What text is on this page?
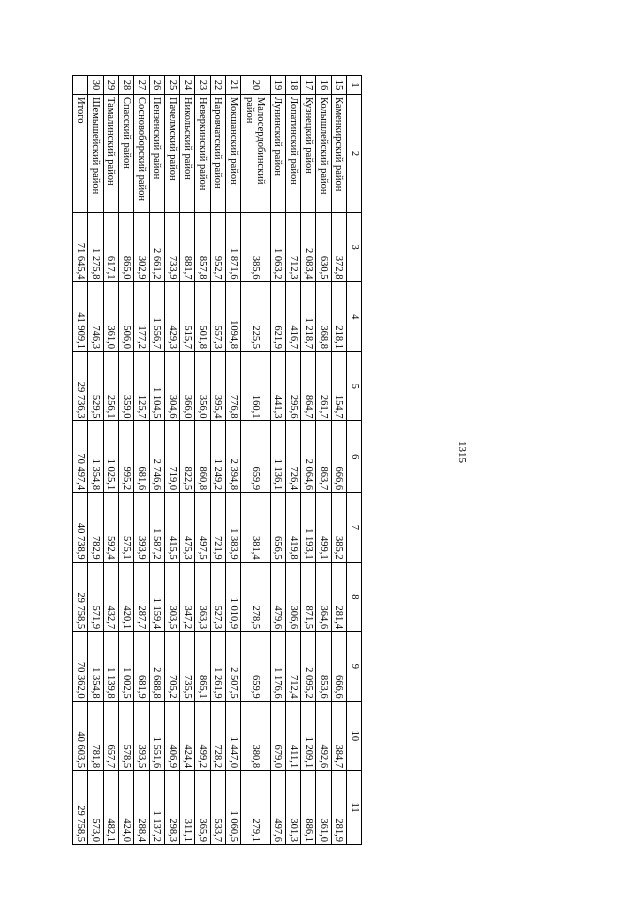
1315
1	2	3	4	5	6	7	8	9	10	11
15	Каменкирский район	372,8	218,1	154,7	666,6	385,2	281,4	666,6	384,7	281,9
16	Колышлейский район	630,5	368,8	261,7	863,7	499,1	364,6	853,6	492,6	361,0
17	Кузнецкий район	2 083,4	1 218,7	864,7	2 064,6	1 193,1	871,5	2 095,2	1 209,1	886,1
18	Лопатинский район	712,3	416,7	295,6	726,4	419,8	306,6	712,4	411,1	301,3
19	Лунинский район	1 063,2	621,9	441,3	1 136,1	656,5	479,6	1 176,6	679,0	497,6
20	Малосердобинский район	385,6	225,5	160,1	659,9	381,4	278,5	659,9	380,8	279,1
21	Мокшанский район	1 871,6	1094,8	776,8	2 394,8	1 383,9	1 010,9	2 507,5	1 447,0	1 060,5
22	Наровчатский район	952,7	557,3	395,4	1 249,2	721,9	527,3	1 261,9	728,2	533,7
23	Неверкинский район	857,8	501,8	356,0	860,8	497,5	363,3	865,1	499,2	365,9
24	Никольский район	881,7	515,7	366,0	822,5	475,3	347,2	735,5	424,4	311,1
25	Пачелмский район	733,9	429,3	304,6	719,0	415,5	303,5	705,2	406,9	298,3
26	Пензенский район	2 661,2	1 556,7	1 104,5	2 746,6	1 587,2	1 159,4	2 688,8	1 551,6	1 137,2
27	Сосновоборский район	302,9	177,2	125,7	681,6	393,9	287,7	681,9	393,5	288,4
28	Спасский район	865,0	506,0	359,0	995,2	575,1	420,1	1 002,5	578,5	424,0
29	Тамалинский район	617,1	361,0	256,1	1 025,1	592,4	432,7	1 139,8	657,7	482,1
30	Шемышейский район	1 275,8	746,3	529,5	1 354,8	782,9	571,9	1 354,8	781,8	573,0
	Итого	71 645,4	41 909,1	29 736,3	70 497,4	40 738,9	29 758,5	70 362,0	40 603,5	29 758,5
